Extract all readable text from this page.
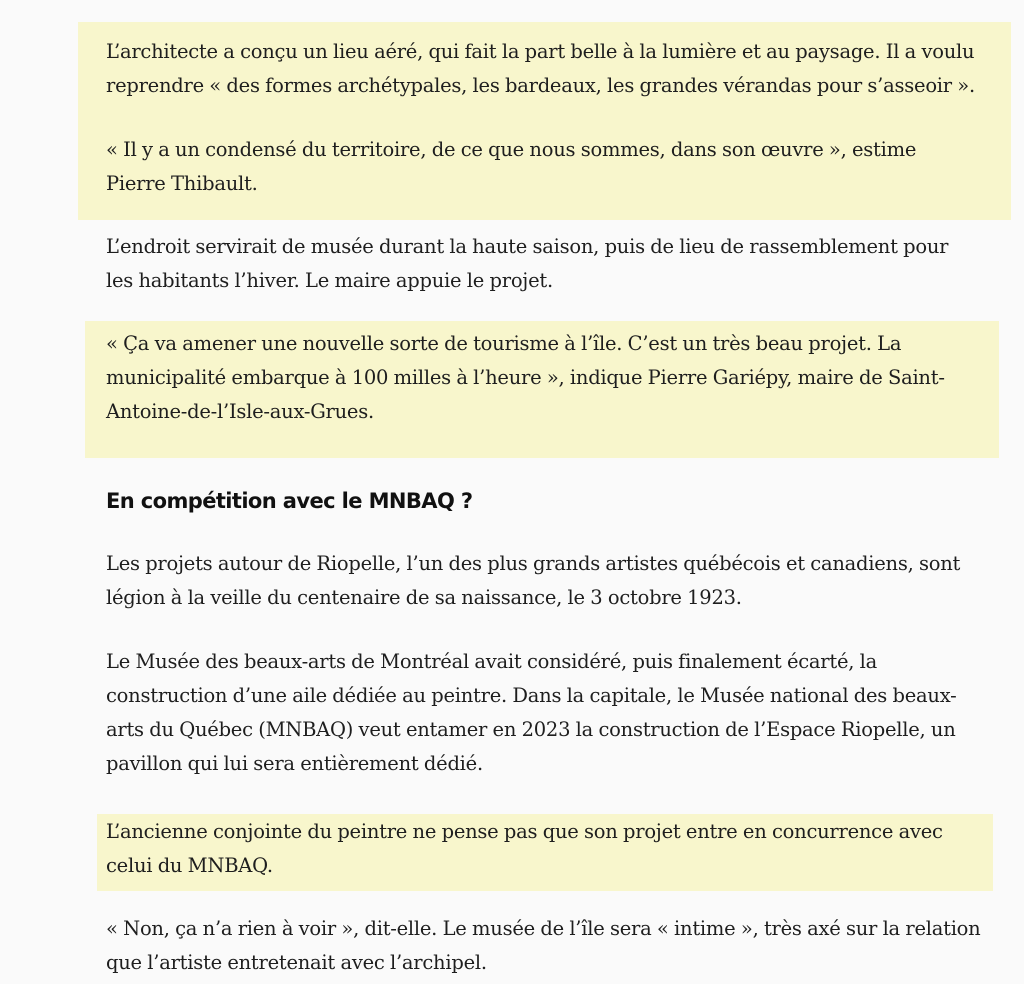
L’architecte a conçu un lieu aéré, qui fait la part belle à la lumière et au paysage. Il a voulu
reprendre « des formes archétypales, les bardeaux, les grandes vérandas pour s’asseoir ».

« Il y a un condensé du territoire, de ce que nous sommes, dans son œuvre », estime
Pierre Thibault.

L’endroit servirait de musée durant la haute saison, puis de lieu de rassemblement pour
les habitants l’hiver. Le maire appuie le projet.

« Ça va amener une nouvelle sorte de tourisme à l’île. C’est un très beau projet. La
municipalité embarque à 100 milles à l’heure », indique Pierre Gariépy, maire de Saint-
Antoine-de-l’Isle-aux-Grues.

En compétition avec le MNBAQ ?

Les projets autour de Riopelle, l’un des plus grands artistes québécois et canadiens, sont
légion à la veille du centenaire de sa naissance, le 3 octobre 1923.

Le Musée des beaux-arts de Montréal avait considéré, puis finalement écarté, la
construction d’une aile dédiée au peintre. Dans la capitale, le Musée national des beaux-
arts du Québec (MNBAQ) veut entamer en 2023 la construction de l’Espace Riopelle, un
pavillon qui lui sera entièrement dédié.

L’ancienne conjointe du peintre ne pense pas que son projet entre en concurrence avec
celui du MNBAQ.

« Non, ça n’a rien à voir », dit-elle. Le musée de l’île sera « intime », très axé sur la relation
que l’artiste entretenait avec l’archipel.
